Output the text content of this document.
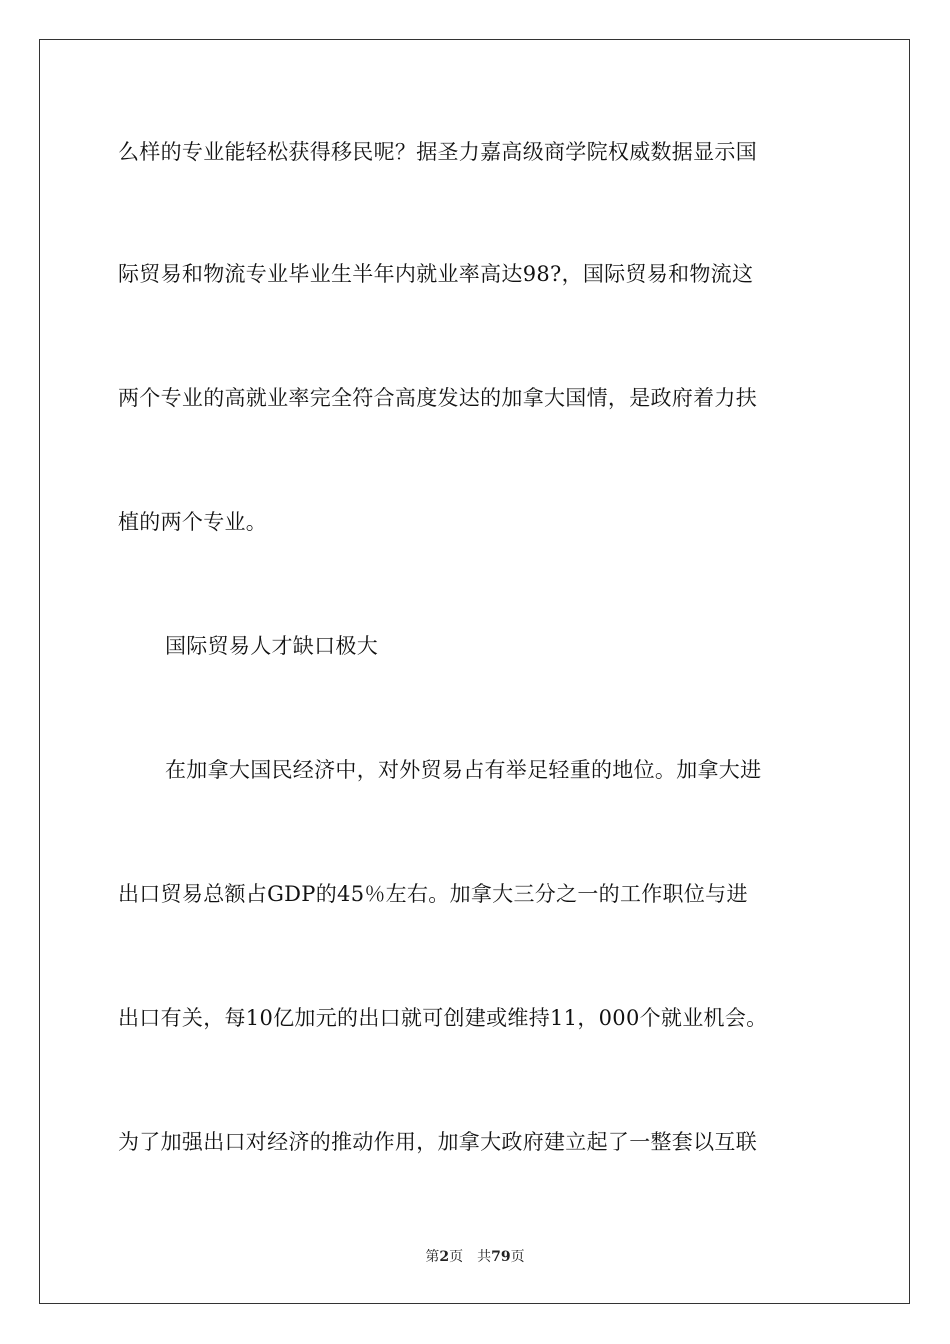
么样的专业能轻松获得移民呢？据圣力嘉高级商学院权威数据显示国
际贸易和物流专业毕业生半年内就业率高达98?，国际贸易和物流这
两个专业的高就业率完全符合高度发达的加拿大国情，是政府着力扶
植的两个专业。
国际贸易人才缺口极大
在加拿大国民经济中，对外贸易占有举足轻重的地位。加拿大进
出口贸易总额占GDP的45％左右。加拿大三分之一的工作职位与进
出口有关，每10亿加元的出口就可创建或维持11，000个就业机会。
为了加强出口对经济的推动作用，加拿大政府建立起了一整套以互联
第2页 共79页
